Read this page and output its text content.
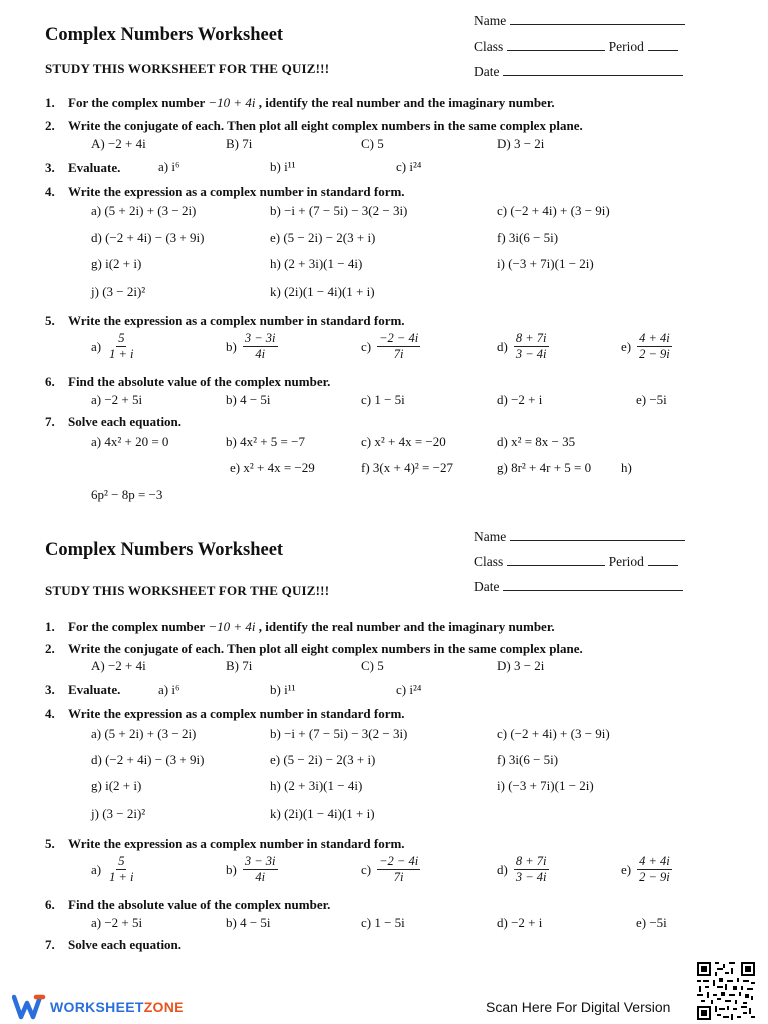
Complex Numbers Worksheet
STUDY THIS WORKSHEET FOR THE QUIZ!!!
Name
Class	Period
Date
1. For the complex number −10 + 4i , identify the real number and the imaginary number.
2. Write the conjugate of each. Then plot all eight complex numbers in the same complex plane.
A) −2 + 4i	B) 7i	C) 5	D) 3 − 2i
3. Evaluate.	a) i⁶	b) i¹¹	c) i²⁴
4. Write the expression as a complex number in standard form.
a) (5 + 2i) + (3 − 2i)	b) −i + (7 − 5i) − 3(2 − 3i)	c) (−2 + 4i) + (3 − 9i)
d) (−2 + 4i) − (3 + 9i)	e) (5 − 2i) − 2(3 + i)	f) 3i(6 − 5i)
g) i(2 + i)	h) (2 + 3i)(1 − 4i)	i) (−3 + 7i)(1 − 2i)
j) (3 − 2i)²	k) (2i)(1 − 4i)(1 + i)
5. Write the expression as a complex number in standard form.
$a) \frac{5}{1 + i}$	$b) \frac{3 - 3i}{4i}$	$c) \frac{-2 - 4i}{7i}$	$d) \frac{8 + 7i}{3 - 4i}$	$e) \frac{4 + 4i}{2 - 9i}$
6. Find the absolute value of the complex number.
a) −2 + 5i	b) 4 − 5i	c) 1 − 5i	d) −2 + i	e) −5i
7. Solve each equation.
a) 4x² + 20 = 0	b) 4x² + 5 = −7	c) x² + 4x = −20	d) x² = 8x − 35
e) x² + 4x = −29	f) 3(x + 4)² = −27	g) 8r² + 4r + 5 = 0 h)
6p² − 8p = −3
Complex Numbers Worksheet
STUDY THIS WORKSHEET FOR THE QUIZ!!!
Name
Class	Period
Date
1. For the complex number −10 + 4i , identify the real number and the imaginary number.
2. Write the conjugate of each. Then plot all eight complex numbers in the same complex plane.
A) −2 + 4i	B) 7i	C) 5	D) 3 − 2i
3. Evaluate.	a) i⁶	b) i¹¹	c) i²⁴
4. Write the expression as a complex number in standard form.
a) (5 + 2i) + (3 − 2i)	b) −i + (7 − 5i) − 3(2 − 3i)	c) (−2 + 4i) + (3 − 9i)
d) (−2 + 4i) − (3 + 9i)	e) (5 − 2i) − 2(3 + i)	f) 3i(6 − 5i)
g) i(2 + i)	h) (2 + 3i)(1 − 4i)	i) (−3 + 7i)(1 − 2i)
j) (3 − 2i)²	k) (2i)(1 − 4i)(1 + i)
5. Write the expression as a complex number in standard form.
$a) \frac{5}{1 + i}$	$b) \frac{3 - 3i}{4i}$	$c) \frac{-2 - 4i}{7i}$	$d) \frac{8 + 7i}{3 - 4i}$	$e) \frac{4 + 4i}{2 - 9i}$
6. Find the absolute value of the complex number.
a) −2 + 5i	b) 4 − 5i	c) 1 − 5i	d) −2 + i	e) −5i
7. Solve each equation.
WORKSHEET ZONE	Scan Here For Digital Version
